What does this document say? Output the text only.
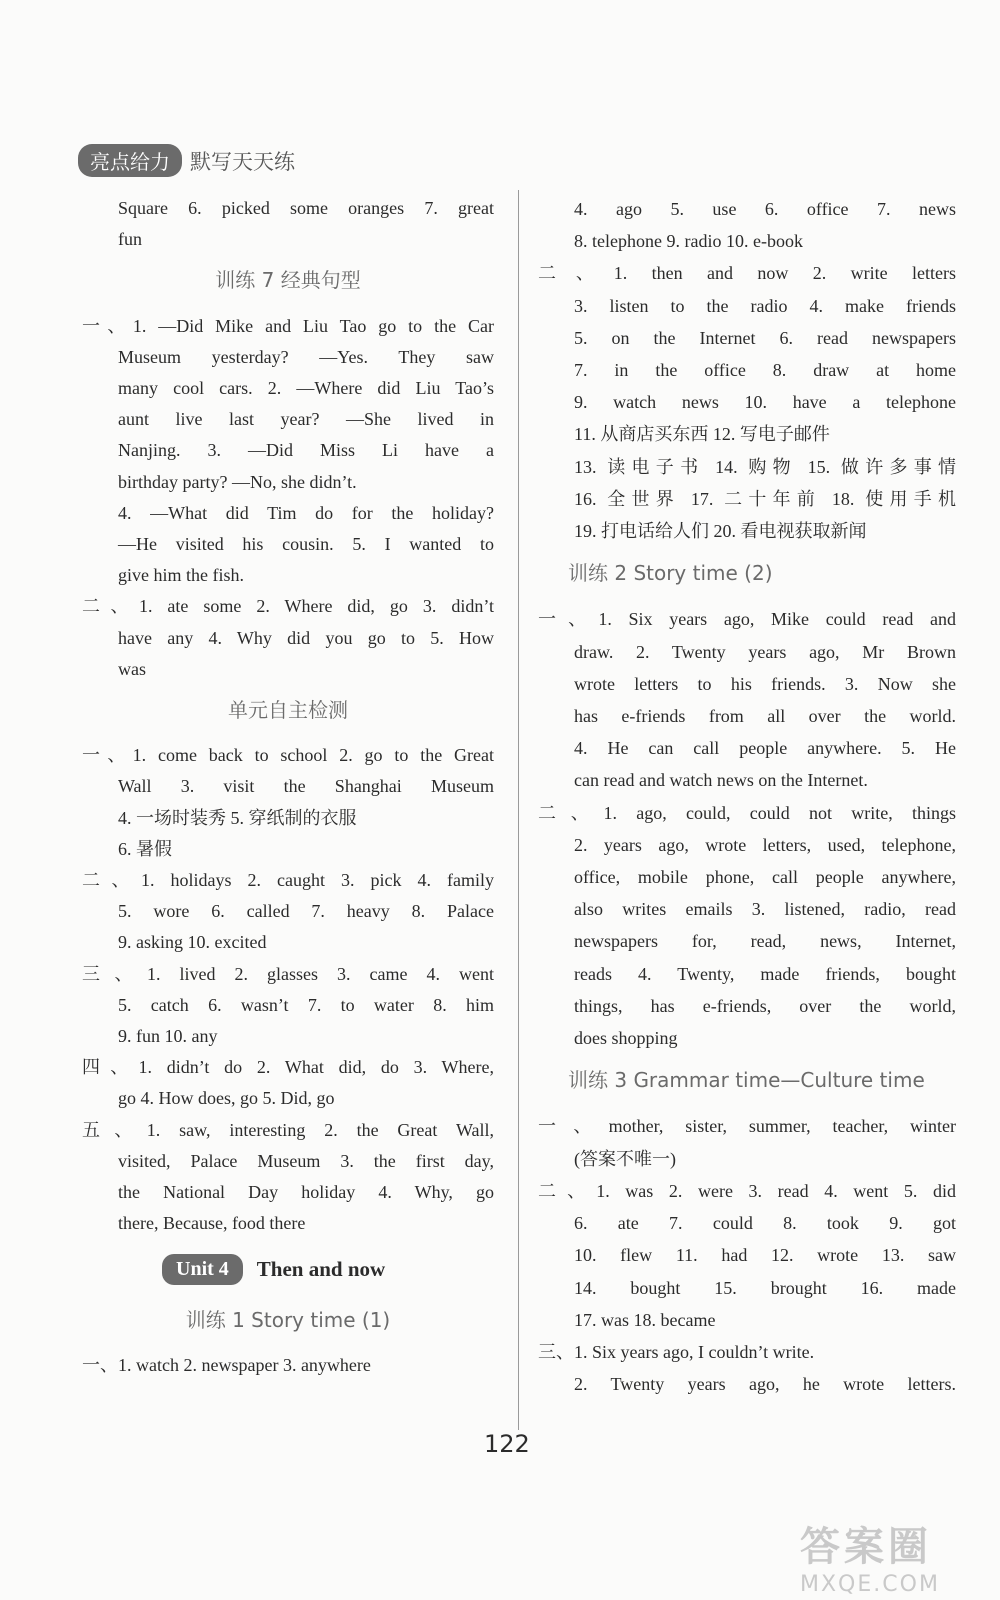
亮点给力 默写天天练
Square 6. picked some oranges 7. great
fun
训练 7 经典句型
一、1. —Did Mike and Liu Tao go to the Car
Museum yesterday? —Yes. They saw
many cool cars. 2. —Where did Liu Tao’s
aunt live last year? —She lived in
Nanjing. 3. —Did Miss Li have a
birthday party? —No, she didn’t.
4. —What did Tim do for the holiday?
—He visited his cousin. 5. I wanted to
give him the fish.
二、1. ate some 2. Where did, go 3. didn’t
have any 4. Why did you go to 5. How
was
单元自主检测
一、1. come back to school 2. go to the Great
Wall 3. visit the Shanghai Museum
4. 一场时装秀 5. 穿纸制的衣服
6. 暑假
二、1. holidays 2. caught 3. pick 4. family
5. wore 6. called 7. heavy 8. Palace
9. asking 10. excited
三、1. lived 2. glasses 3. came 4. went
5. catch 6. wasn’t 7. to water 8. him
9. fun 10. any
四、1. didn’t do 2. What did, do 3. Where,
go 4. How does, go 5. Did, go
五、1. saw, interesting 2. the Great Wall,
visited, Palace Museum 3. the first day,
the National Day holiday 4. Why, go
there, Because, food there
Unit 4	Then and now
训练 1 Story time (1)
一、1. watch 2. newspaper 3. anywhere
4. ago 5. use 6. office 7. news
8. telephone 9. radio 10. e-book
二、1. then and now 2. write letters
3. listen to the radio 4. make friends
5. on the Internet 6. read newspapers
7. in the office 8. draw at home
9. watch news 10. have a telephone
11. 从商店买东西 12. 写电子邮件
13. 读电子书 14. 购物 15. 做许多事情
16. 全世界 17. 二十年前 18. 使用手机
19. 打电话给人们 20. 看电视获取新闻
训练 2 Story time (2)
一、1. Six years ago, Mike could read and
draw. 2. Twenty years ago, Mr Brown
wrote letters to his friends. 3. Now she
has e-friends from all over the world.
4. He can call people anywhere. 5. He
can read and watch news on the Internet.
二、1. ago, could, could not write, things
2. years ago, wrote letters, used, telephone,
office, mobile phone, call people anywhere,
also writes emails 3. listened, radio, read
newspapers for, read, news, Internet,
reads 4. Twenty, made friends, bought
things, has e-friends, over the world,
does shopping
训练 3 Grammar time—Culture time
一、mother, sister, summer, teacher, winter
(答案不唯一)
二、1. was 2. were 3. read 4. went 5. did
6. ate 7. could 8. took 9. got
10. flew 11. had 12. wrote 13. saw
14. bought 15. brought 16. made
17. was 18. became
三、1. Six years ago, I couldn’t write.
2. Twenty years ago, he wrote letters.
122
答案圈
MXQE.COM
